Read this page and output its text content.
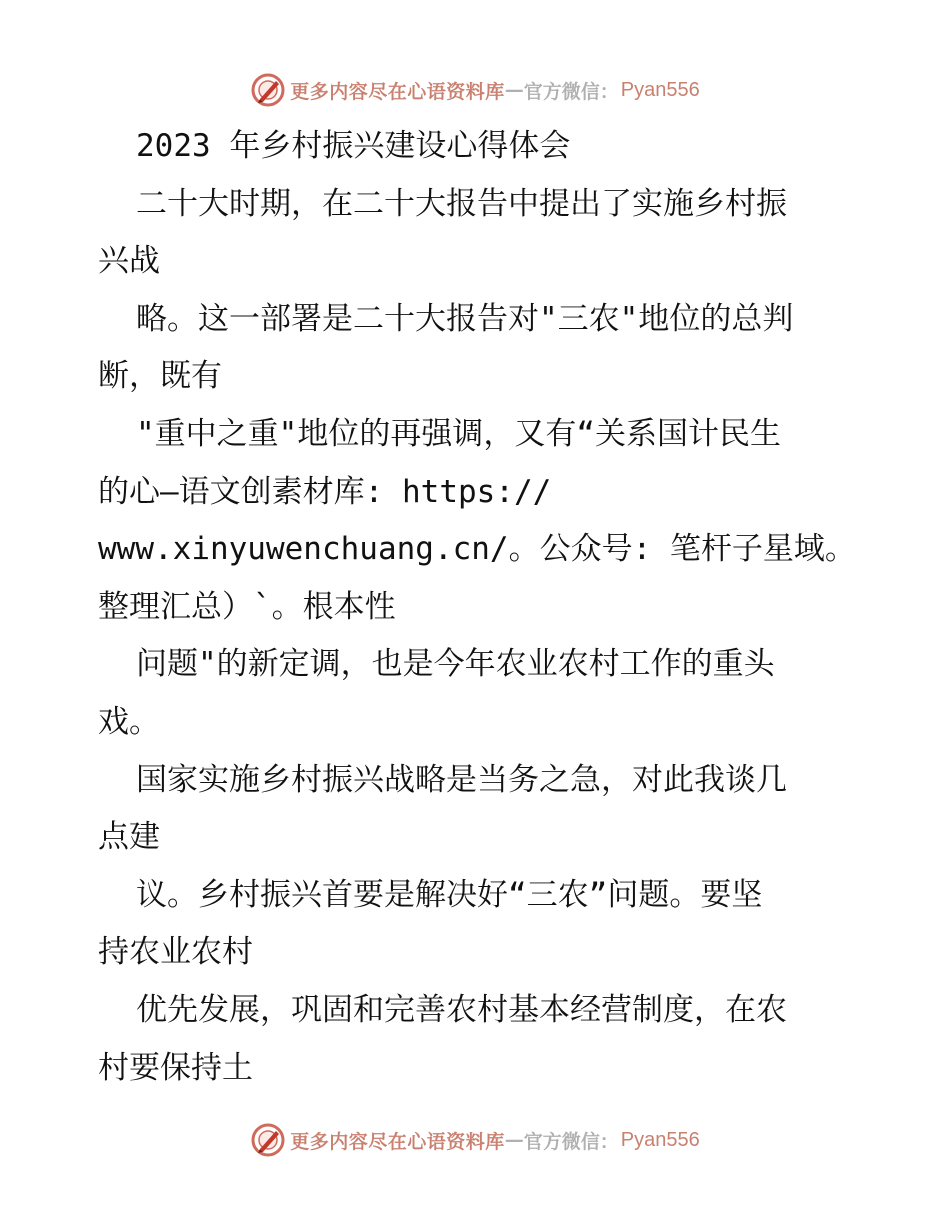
更多内容尽在心语资料库 — 官方微信： Pyan556
2023 年乡村振兴建设心得体会
二十大时期，在二十大报告中提出了实施乡村振
兴战
略。这一部署是二十大报告对"三农"地位的总判
断，既有
"重中之重"地位的再强调，又有“关系国计民生
的心—语文创素材库: https://
www.xinyuwenchuang.cn/。公众号: 笔杆子星域。
整理汇总）`。根本性
问题"的新定调，也是今年农业农村工作的重头
戏。
国家实施乡村振兴战略是当务之急，对此我谈几
点建
议。乡村振兴首要是解决好“三农”问题。要坚
持农业农村
优先发展，巩固和完善农村基本经营制度，在农
村要保持土
更多内容尽在心语资料库 — 官方微信： Pyan556
